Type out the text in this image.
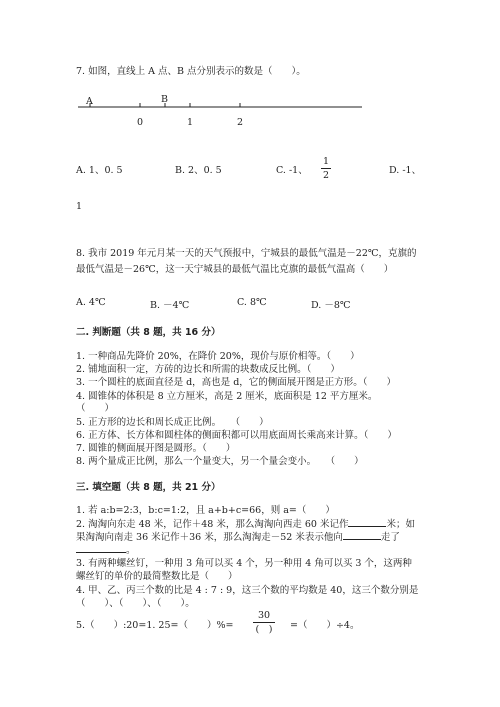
7. 如图，直线上 A 点、B 点分别表示的数是（　　）。
A	B
0	1	2
A. 1、0. 5	B. 2、0. 5	C. -1、
1
2	D. -1、
1
8. 我市 2019 年元月某一天的天气预报中，宁城县的最低气温是－22℃，克旗的
最低气温是－26℃，这一天宁城县的最低气温比克旗的最低气温高（　　）
A. 4℃	B. －4℃	C. 8℃	D. －8℃
二. 判断题（共 8 题，共 16 分）
1. 一种商品先降价 20%，在降价 20%，现价与原价相等。（　　）
2. 铺地面积一定，方砖的边长和所需的块数成反比例。（　　）
3. 一个圆柱的底面直径是 d，高也是 d，它的侧面展开图是正方形。（　　）
4. 圆锥体的体积是 8 立方厘米，高是 2 厘米，底面积是 12 平方厘米。
（　　）
5. 正方形的边长和周长成正比例。　　（　　）
6. 正方体、长方体和圆柱体的侧面积都可以用底面周长乘高来计算。（　　）
7. 圆锥的侧面展开图是圆形。（　　）
8. 两个量成正比例，那么一个量变大，另一个量会变小。　　（　　）
三. 填空题（共 8 题，共 21 分）
1. 若 a:b=2:3，b:c=1:2，且 a+b+c=66，则 a=（　　）
2. 淘淘向东走 48 米，记作＋48 米，那么淘淘向西走 60 米记作	米；如
果淘淘向南走 36 米记作＋36 米，那么淘淘走－52 米表示他向	走了
。
3. 有两种螺丝钉，一种用 3 角可以买 4 个，另一种用 4 角可以买 3 个，这两种
螺丝钉的单价的最简整数比是（　　）
4. 甲、乙、丙三个数的比是 4 : 7 : 9，这三个数的平均数是 40，这三个数分别是
（　　）、（　　）、（　　）。
5.（　　）:20=1. 25=（　　）%=
30
(　) =（　　）÷4。
